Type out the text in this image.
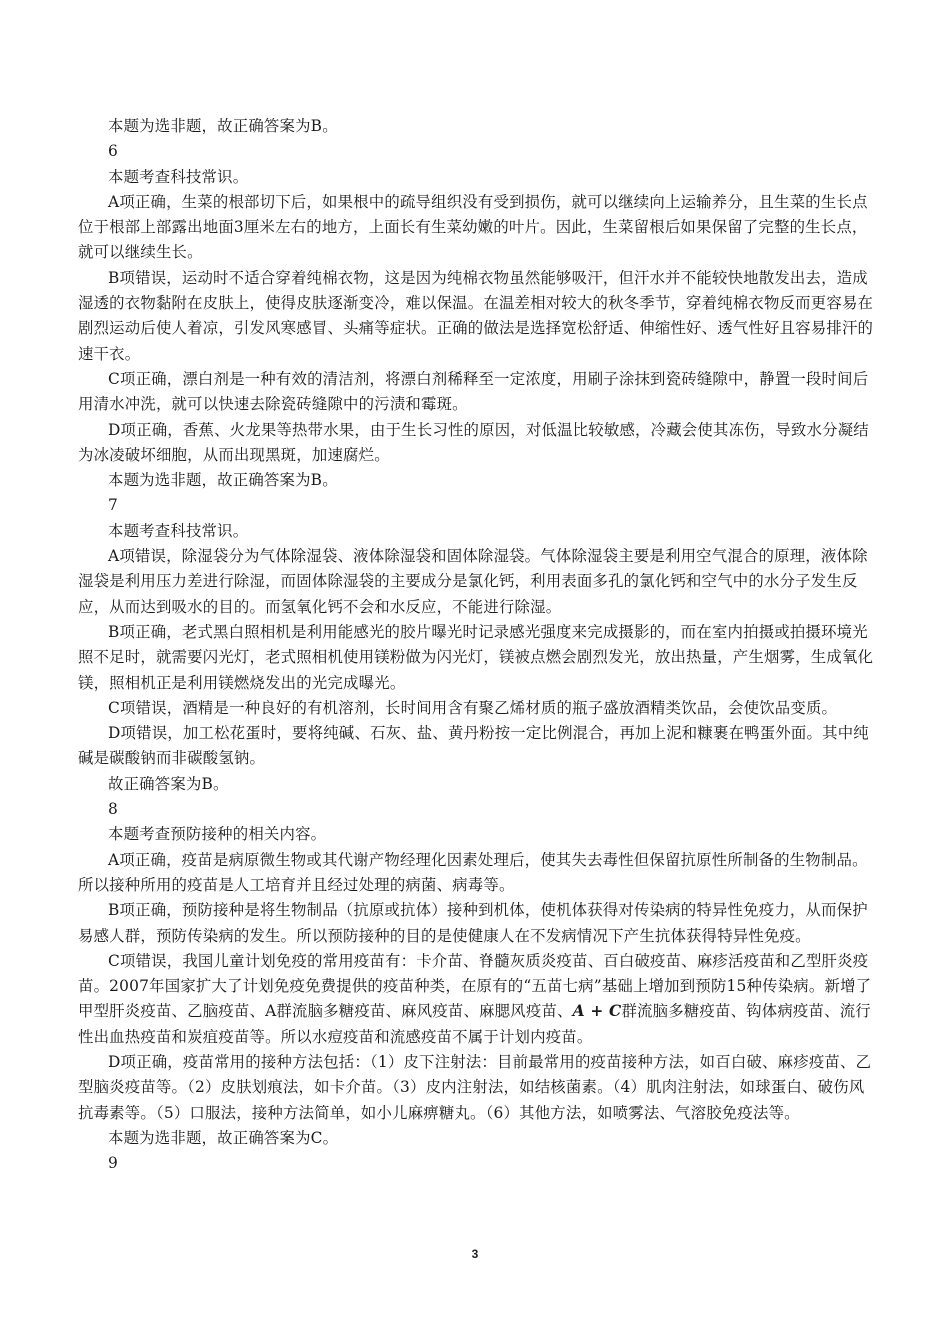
本题为选非题，故正确答案为B。

6

本题考查科技常识。

A项正确，生菜的根部切下后，如果根中的疏导组织没有受到损伤，就可以继续向上运输养分，且生菜的生长点位于根部上部露出地面3厘米左右的地方，上面长有生菜幼嫩的叶片。因此，生菜留根后如果保留了完整的生长点，就可以继续生长。

B项错误，运动时不适合穿着纯棉衣物，这是因为纯棉衣物虽然能够吸汗，但汗水并不能较快地散发出去，造成湿透的衣物黏附在皮肤上，使得皮肤逐渐变冷，难以保温。在温差相对较大的秋冬季节，穿着纯棉衣物反而更容易在剧烈运动后使人着凉，引发风寒感冒、头痛等症状。正确的做法是选择宽松舒适、伸缩性好、透气性好且容易排汗的速干衣。

C项正确，漂白剂是一种有效的清洁剂，将漂白剂稀释至一定浓度，用刷子涂抹到瓷砖缝隙中，静置一段时间后用清水冲洗，就可以快速去除瓷砖缝隙中的污渍和霉斑。

D项正确，香蕉、火龙果等热带水果，由于生长习性的原因，对低温比较敏感，冷藏会使其冻伤，导致水分凝结为冰凌破坏细胞，从而出现黑斑，加速腐烂。

本题为选非题，故正确答案为B。

7

本题考查科技常识。

A项错误，除湿袋分为气体除湿袋、液体除湿袋和固体除湿袋。气体除湿袋主要是利用空气混合的原理，液体除湿袋是利用压力差进行除湿，而固体除湿袋的主要成分是氯化钙，利用表面多孔的氯化钙和空气中的水分子发生反应，从而达到吸水的目的。而氢氧化钙不会和水反应，不能进行除湿。

B项正确，老式黑白照相机是利用能感光的胶片曝光时记录感光强度来完成摄影的，而在室内拍摄或拍摄环境光照不足时，就需要闪光灯，老式照相机使用镁粉做为闪光灯，镁被点燃会剧烈发光，放出热量，产生烟雾，生成氧化镁，照相机正是利用镁燃烧发出的光完成曝光。

C项错误，酒精是一种良好的有机溶剂，长时间用含有聚乙烯材质的瓶子盛放酒精类饮品，会使饮品变质。

D项错误，加工松花蛋时，要将纯碱、石灰、盐、黄丹粉按一定比例混合，再加上泥和糠裹在鸭蛋外面。其中纯碱是碳酸钠而非碳酸氢钠。

故正确答案为B。

8

本题考查预防接种的相关内容。

A项正确，疫苗是病原微生物或其代谢产物经理化因素处理后，使其失去毒性但保留抗原性所制备的生物制品。所以接种所用的疫苗是人工培育并且经过处理的病菌、病毒等。

B项正确，预防接种是将生物制品（抗原或抗体）接种到机体，使机体获得对传染病的特异性免疫力，从而保护易感人群，预防传染病的发生。所以预防接种的目的是使健康人在不发病情况下产生抗体获得特异性免疫。

C项错误，我国儿童计划免疫的常用疫苗有：卡介苗、脊髓灰质炎疫苗、百白破疫苗、麻疹活疫苗和乙型肝炎疫苗。2007年国家扩大了计划免疫免费提供的疫苗种类，在原有的“五苗七病”基础上增加到预防15种传染病。新增了甲型肝炎疫苗、乙脑疫苗、A群流脑多糖疫苗、麻风疫苗、麻腮风疫苗、A + C群流脑多糖疫苗、钩体病疫苗、流行性出血热疫苗和炭疽疫苗等。所以水痘疫苗和流感疫苗不属于计划内疫苗。

D项正确，疫苗常用的接种方法包括：（1）皮下注射法：目前最常用的疫苗接种方法，如百白破、麻疹疫苗、乙型脑炎疫苗等。（2）皮肤划痕法，如卡介苗。（3）皮内注射法，如结核菌素。（4）肌肉注射法，如球蛋白、破伤风抗毒素等。（5）口服法，接种方法简单，如小儿麻痹糖丸。（6）其他方法，如喷雾法、气溶胶免疫法等。

本题为选非题，故正确答案为C。

9

3
